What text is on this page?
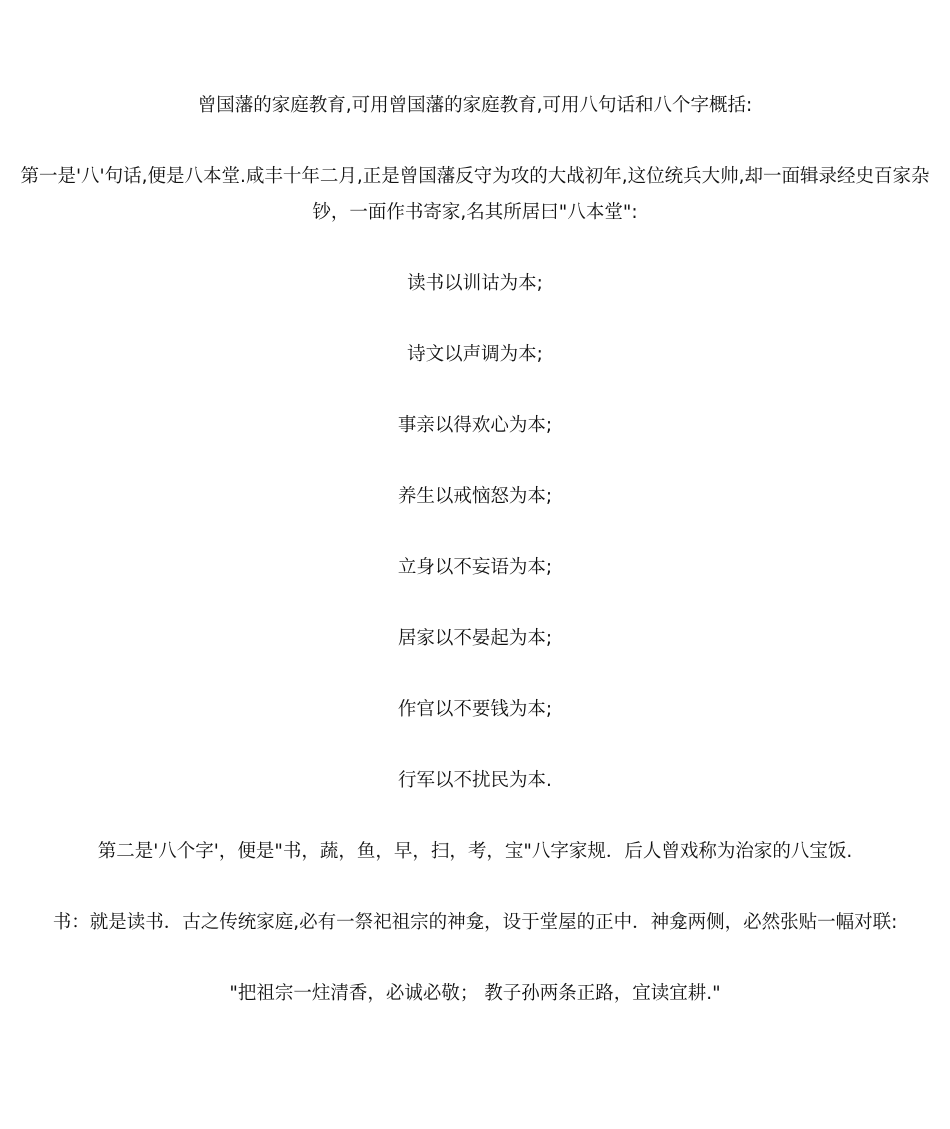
曾国藩的家庭教育,可用曾国藩的家庭教育,可用八句话和八个字概括:

第一是'八'句话,便是八本堂.咸丰十年二月,正是曾国藩反守为攻的大战初年,这位统兵大帅,却一面辑录经史百家杂钞，一面作书寄家,名其所居曰"八本堂":

读书以训诂为本;

诗文以声调为本;

事亲以得欢心为本;

养生以戒恼怒为本;

立身以不妄语为本;

居家以不晏起为本;

作官以不要钱为本;

行军以不扰民为本.

第二是'八个字'，便是"书，蔬，鱼，早，扫，考，宝"八字家规．后人曾戏称为治家的八宝饭.

书：就是读书．古之传统家庭,必有一祭祀祖宗的神龛，设于堂屋的正中．神龛两侧，必然张贴一幅对联:

"把祖宗一炷清香，必诚必敬； 教子孙两条正路，宜读宜耕."
